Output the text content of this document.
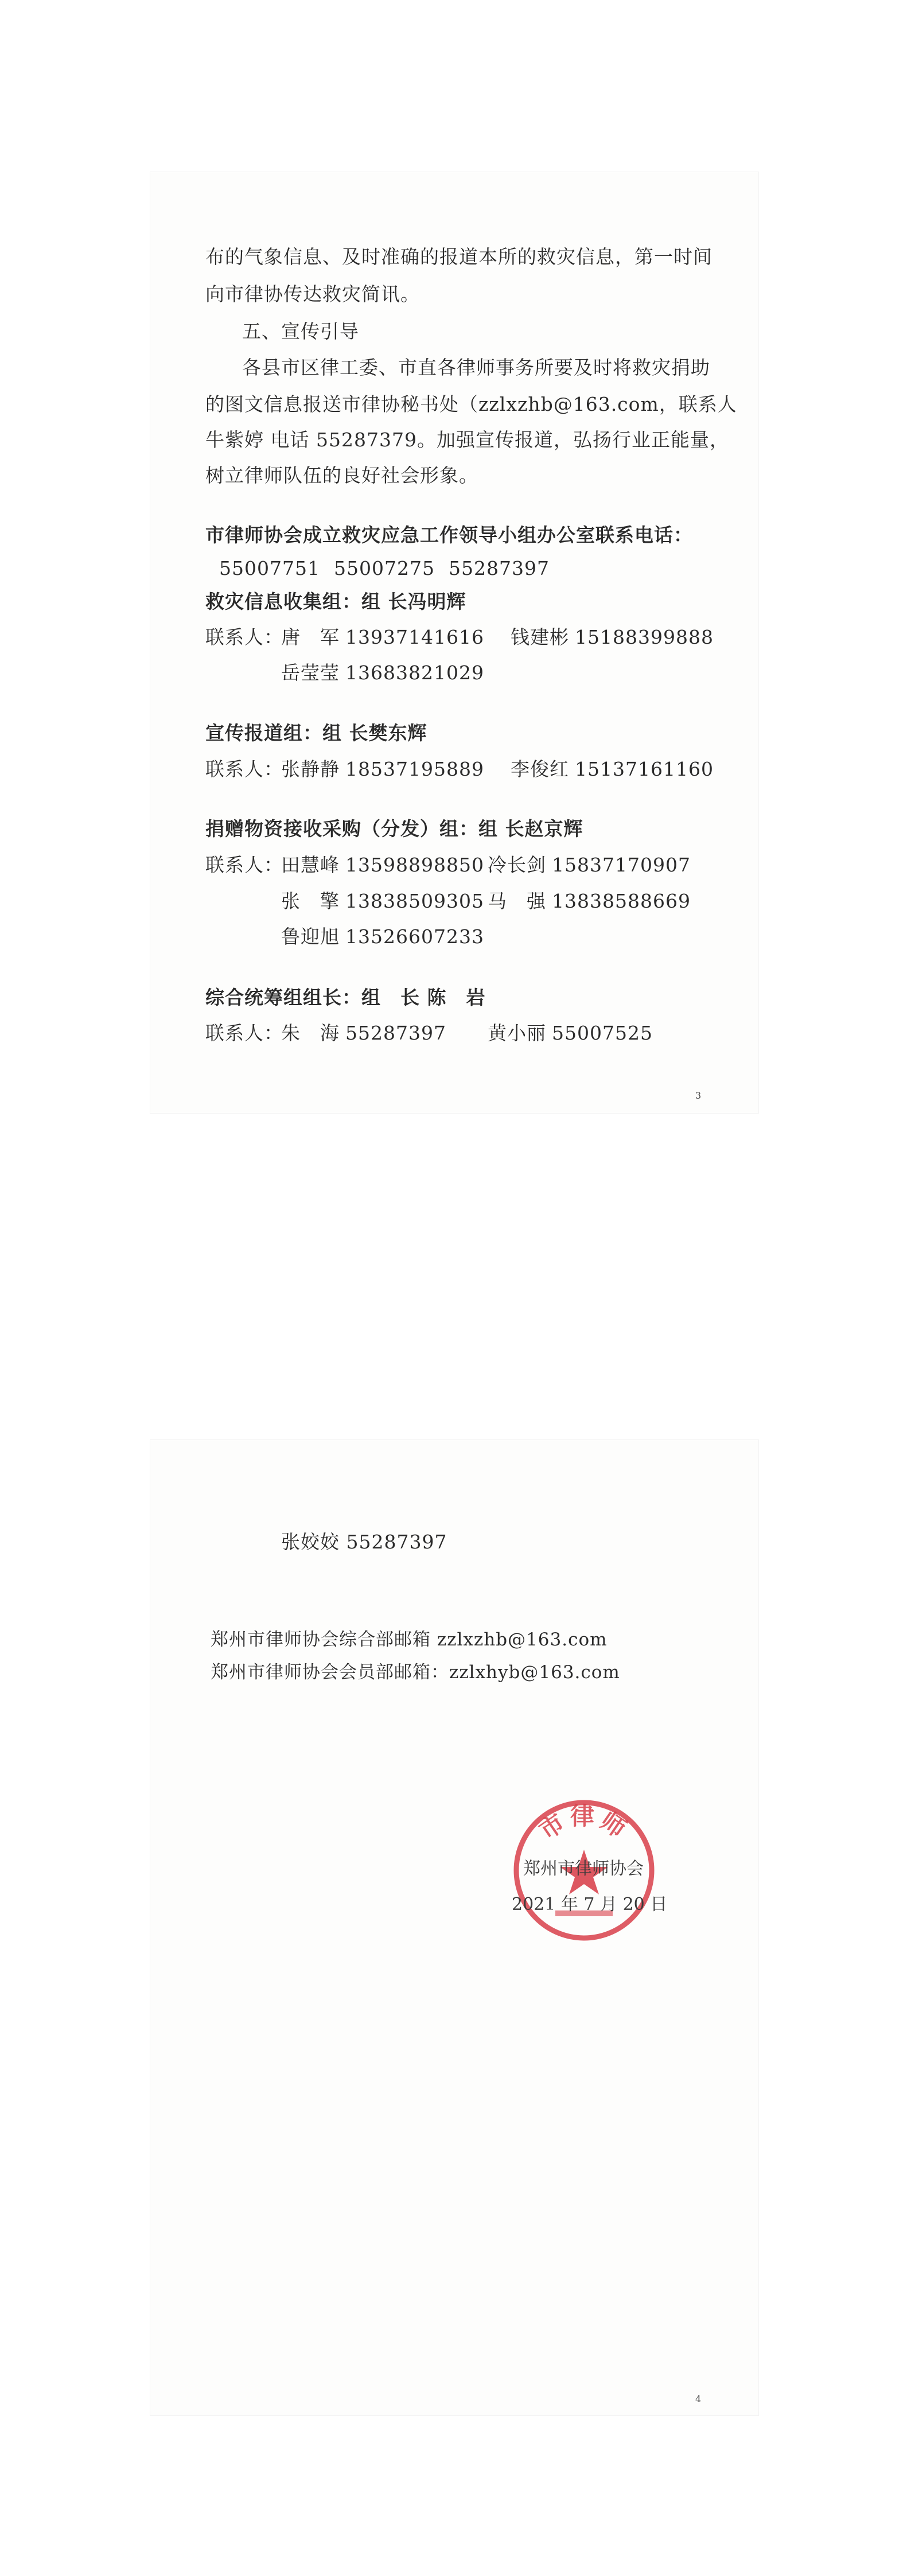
布的气象信息、及时准确的报道本所的救灾信息，第一时间
向市律协传达救灾简讯。
五、宣传引导
各县市区律工委、市直各律师事务所要及时将救灾捐助
的图文信息报送市律协秘书处（zzlxzhb@163.com，联系人
牛紫婷 电话 55287379。加强宣传报道，弘扬行业正能量，
树立律师队伍的良好社会形象。
市律师协会成立救灾应急工作领导小组办公室联系电话：
55007751 55007275 55287397
救灾信息收集组：组 长冯明辉
联系人：
唐　军 13937141616 钱建彬 15188399888
岳莹莹 13683821029
宣传报道组：组 长樊东辉
联系人：
张静静 18537195889 李俊红 15137161160
捐赠物资接收采购（分发）组：组 长赵京辉
联系人：
田慧峰 13598898850 冷长剑 15837170907
张　擎 13838509305 马　强 13838588669
鲁迎旭 13526607233
综合统筹组组长：组　长 陈　岩
联系人：
朱　海 55287397 黄小丽 55007525
3
张姣姣 55287397
郑州市律师协会综合部邮箱 zzlxzhb@163.com
郑州市律师协会会员部邮箱：zzlxhyb@163.com
市律师
郑州市律师协会
2021 年 7 月 20 日
4
